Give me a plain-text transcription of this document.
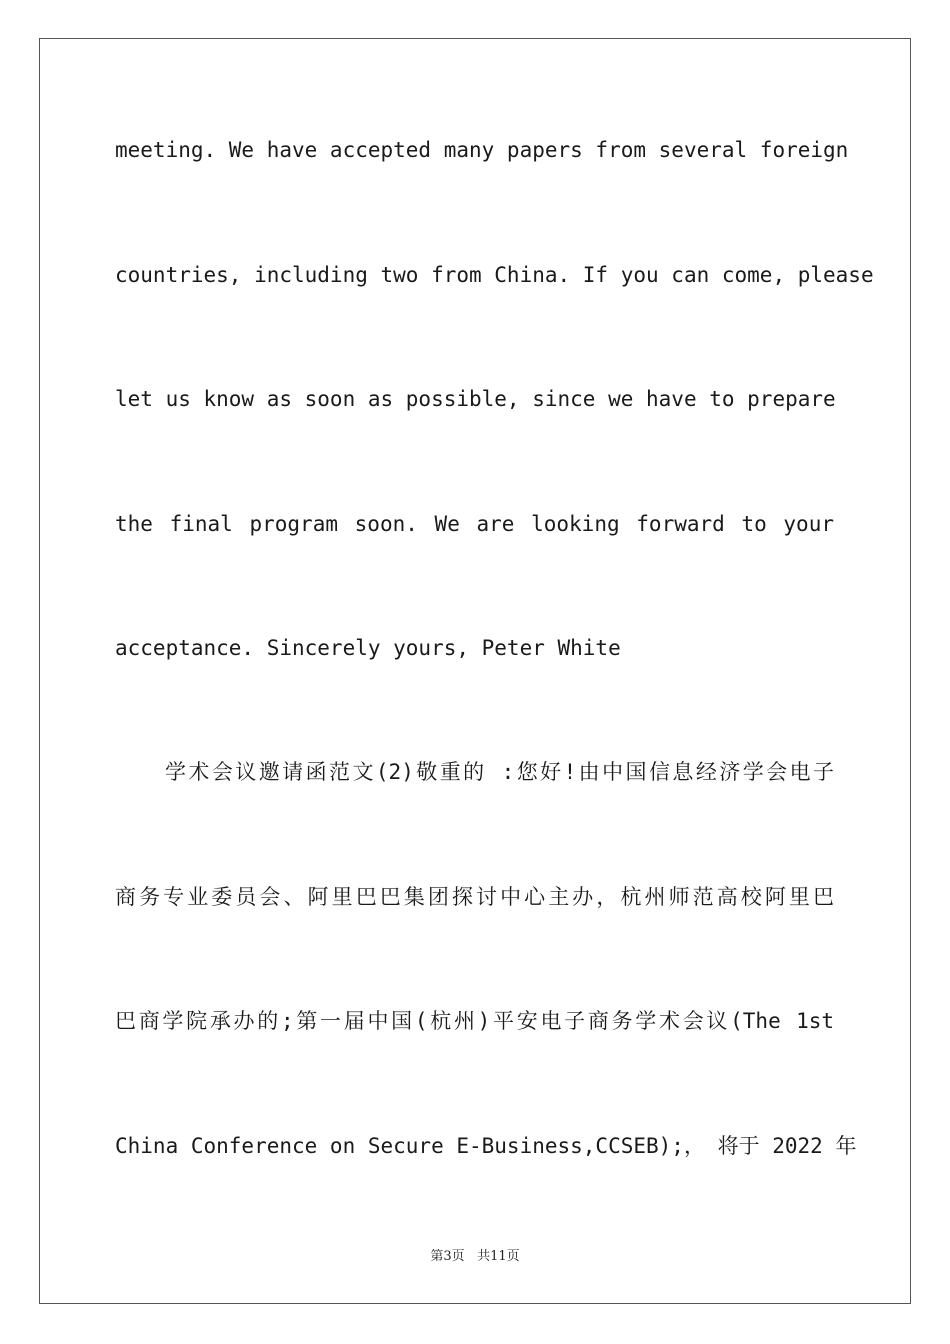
meeting. We have accepted many papers from several foreign
countries, including two from China. If you can come, please
let us know as soon as possible, since we have to prepare
the final program soon. We are looking forward to your
acceptance. Sincerely yours, Peter White
学术会议邀请函范文(2)敬重的 :您好!由中国信息经济学会电子
商务专业委员会、阿里巴巴集团探讨中心主办，杭州师范高校阿里巴
巴商学院承办的;第一届中国(杭州)平安电子商务学术会议(The 1st
China Conference on Secure E-Business,CCSEB);， 将于 2022 年
第3页 共11页
